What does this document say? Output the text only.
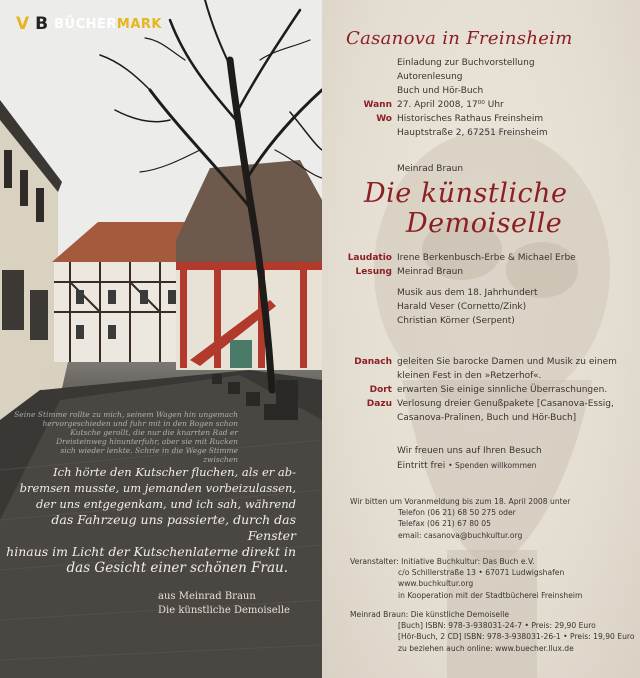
V B BÜCHERMARK
Seine Stimme rollte zu mich, seinem Wagen hin ungemach
hervorgeschieden und fuhr mit in den Bogen schon
Kutsche gerollt, die nur die knarrten Rad er
Dreisteinweg hinunterfuhr, aber sie mit Rucken
sich wieder lenkte. Schrie in die Wege Stimme
zwischen
Ich hörte den Kutscher fluchen, als er ab-
bremsen musste, um jemanden vorbeizulassen,
der uns entgegenkam, und ich sah, während
das Fahrzeug uns passierte, durch das Fenster
hinaus im Licht der Kutschenlaterne direkt in
das Gesicht einer schönen Frau.
aus Meinrad Braun
Die künstliche Demoiselle
Casanova in Freinsheim
Einladung zur Buchvorstellung
Autorenlesung
Buch und Hör-Buch
Wann 27. April 2008, 17⁰⁰ Uhr
Wo Historisches Rathaus Freinsheim
Hauptstraße 2, 67251 Freinsheim
Meinrad Braun
Die künstliche
Demoiselle
Laudatio Irene Berkenbusch-Erbe & Michael Erbe
Lesung Meinrad Braun
Musik aus dem 18. Jahrhundert
Harald Veser (Cornetto/Zink)
Christian Körner (Serpent)
Danach geleiten Sie barocke Damen und Musik zu einem
kleinen Fest in den »Retzerhof«.
Dort erwarten Sie einige sinnliche Überraschungen.
Dazu Verlosung dreier Genußpakete [Casanova-Essig,
Casanova-Pralinen, Buch und Hör-Buch]
Wir freuen uns auf Ihren Besuch
Eintritt frei • Spenden willkommen
Wir bitten um Voranmeldung bis zum 18. April 2008 unter
Telefon (06 21) 68 50 275 oder
Telefax (06 21) 67 80 05
email: casanova@buchkultur.org
Veranstalter: Initiative Buchkultur: Das Buch e.V.
c/o Schillerstraße 13 • 67071 Ludwigshafen
www.buchkultur.org
in Kooperation mit der Stadtbücherei Freinsheim
Meinrad Braun: Die künstliche Demoiselle
[Buch] ISBN: 978-3-938031-24-7 • Preis: 29,90 Euro
[Hör-Buch, 2 CD] ISBN: 978-3-938031-26-1 • Preis: 19,90 Euro
zu beziehen auch online: www.buecher.llux.de
